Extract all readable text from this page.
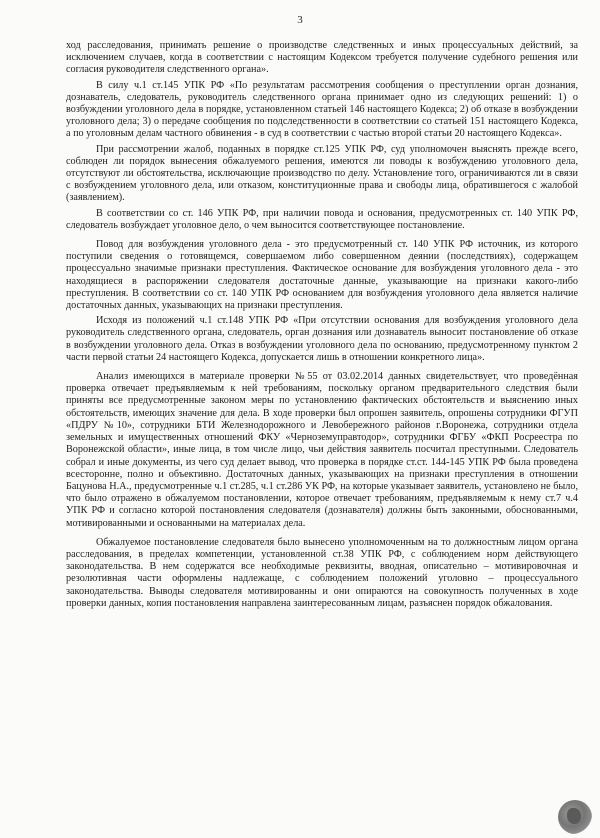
3

ход расследования, принимать решение о производстве следственных и иных процессуальных действий, за исключением случаев, когда в соответствии с настоящим Кодексом требуется получение судебного решения или согласия руководителя следственного органа».

В силу ч.1 ст.145 УПК РФ «По результатам рассмотрения сообщения о преступлении орган дознания, дознаватель, следователь, руководитель следственного органа принимает одно из следующих решений: 1) о возбуждении уголовного дела в порядке, установленном статьей 146 настоящего Кодекса; 2) об отказе в возбуждении уголовного дела; 3) о передаче сообщения по подследственности в соответствии со статьей 151 настоящего Кодекса, а по уголовным делам частного обвинения - в суд в соответствии с частью второй статьи 20 настоящего Кодекса».

При рассмотрении жалоб, поданных в порядке ст.125 УПК РФ, суд уполномочен выяснять прежде всего, соблюден ли порядок вынесения обжалуемого решения, имеются ли поводы к возбуждению уголовного дела, отсутствуют ли обстоятельства, исключающие производство по делу. Установление того, ограничиваются ли в связи с возбуждением уголовного дела, или отказом, конституционные права и свободы лица, обратившегося с жалобой (заявлением).

В соответствии со ст. 146 УПК РФ, при наличии повода и основания, предусмотренных ст. 140 УПК РФ, следователь возбуждает уголовное дело, о чем выносится соответствующее постановление.

Повод для возбуждения уголовного дела - это предусмотренный ст. 140 УПК РФ источник, из которого поступили сведения о готовящемся, совершаемом либо совершенном деянии (последствиях), содержащем процессуально значимые признаки преступления. Фактическое основание для возбуждения уголовного дела - это находящиеся в распоряжении следователя достаточные данные, указывающие на признаки какого-либо преступления. В соответствии со ст. 140 УПК РФ основанием для возбуждения уголовного дела является наличие достаточных данных, указывающих на признаки преступления.

Исходя из положений ч.1 ст.148 УПК РФ «При отсутствии основания для возбуждения уголовного дела руководитель следственного органа, следователь, орган дознания или дознаватель выносит постановление об отказе в возбуждении уголовного дела. Отказ в возбуждении уголовного дела по основанию, предусмотренному пунктом 2 части первой статьи 24 настоящего Кодекса, допускается лишь в отношении конкретного лица».

Анализ имеющихся в материале проверки №55 от 03.02.2014 данных свидетельствует, что проведённая проверка отвечает предъявляемым к ней требованиям, поскольку органом предварительного следствия были приняты все предусмотренные законом меры по установлению фактических обстоятельств и выяснению иных обстоятельств, имеющих значение для дела. В ходе проверки был опрошен заявитель, опрошены сотрудники ФГУП «ПДРУ №10», сотрудники БТИ Железнодорожного и Левобережного районов г.Воронежа, сотрудники отдела земельных и имущественных отношений ФКУ «Черноземуправтодор», сотрудники ФГБУ «ФКП Росреестра по Воронежской области», иные лица, в том числе лицо, чьи действия заявитель посчитал преступными. Следователь собрал и иные документы, из чего суд делает вывод, что проверка в порядке ст.ст. 144-145 УПК РФ была проведена всесторонне, полно и объективно. Достаточных данных, указывающих на признаки преступления в отношении Бацунова Н.А., предусмотренные ч.1 ст.285, ч.1 ст.286 УК РФ, на которые указывает заявитель, установлено не было, что было отражено в обжалуемом постановлении, которое отвечает требованиям, предъявляемым к нему ст.7 ч.4 УПК РФ и согласно которой постановления следователя (дознавателя) должны быть законными, обоснованными, мотивированными и основанными на материалах дела.

Обжалуемое постановление следователя было вынесено уполномоченным на то должностным лицом органа расследования, в пределах компетенции, установленной ст.38 УПК РФ, с соблюдением норм действующего законодательства. В нем содержатся все необходимые реквизиты, вводная, описательно – мотивировочная и резолютивная части оформлены надлежаще, с соблюдением положений уголовно – процессуального законодательства. Выводы следователя мотивированны и они опираются на совокупность полученных в ходе проверки данных, копия постановления направлена заинтересованным лицам, разъяснен порядок обжалования.
